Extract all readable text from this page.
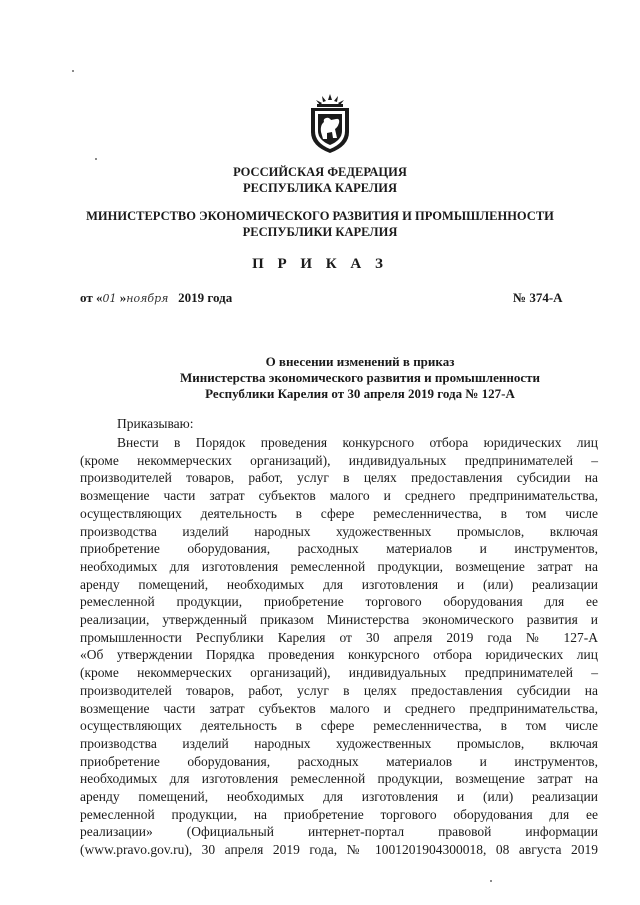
РОССИЙСКАЯ ФЕДЕРАЦИЯ
РЕСПУБЛИКА КАРЕЛИЯ
МИНИСТЕРСТВО ЭКОНОМИЧЕСКОГО РАЗВИТИЯ И ПРОМЫШЛЕННОСТИ
РЕСПУБЛИКИ КАРЕЛИЯ
П Р И К А З
от «01 »ноября 2019 года	№ 374-А
О внесении изменений в приказ
Министерства экономического развития и промышленности
Республики Карелия от 30 апреля 2019 года № 127-А
Приказываю:
Внести в Порядок проведения конкурсного отбора юридических лиц
(кроме некоммерческих организаций), индивидуальных предпринимателей –
производителей товаров, работ, услуг в целях предоставления субсидии на
возмещение части затрат субъектов малого и среднего предпринимательства,
осуществляющих деятельность в сфере ремесленничества, в том числе
производства изделий народных художественных промыслов, включая
приобретение оборудования, расходных материалов и инструментов,
необходимых для изготовления ремесленной продукции, возмещение затрат на
аренду помещений, необходимых для изготовления и (или) реализации
ремесленной продукции, приобретение торгового оборудования для ее
реализации, утвержденный приказом Министерства экономического развития и
промышленности Республики Карелия от 30 апреля 2019 года № 127-А
«Об утверждении Порядка проведения конкурсного отбора юридических лиц
(кроме некоммерческих организаций), индивидуальных предпринимателей –
производителей товаров, работ, услуг в целях предоставления субсидии на
возмещение части затрат субъектов малого и среднего предпринимательства,
осуществляющих деятельность в сфере ремесленничества, в том числе
производства изделий народных художественных промыслов, включая
приобретение оборудования, расходных материалов и инструментов,
необходимых для изготовления ремесленной продукции, возмещение затрат на
аренду помещений, необходимых для изготовления и (или) реализации
ремесленной продукции, на приобретение торгового оборудования для ее
реализации» (Официальный интернет-портал правовой информации
(www.pravo.gov.ru), 30 апреля 2019 года, № 1001201904300018, 08 августа 2019
